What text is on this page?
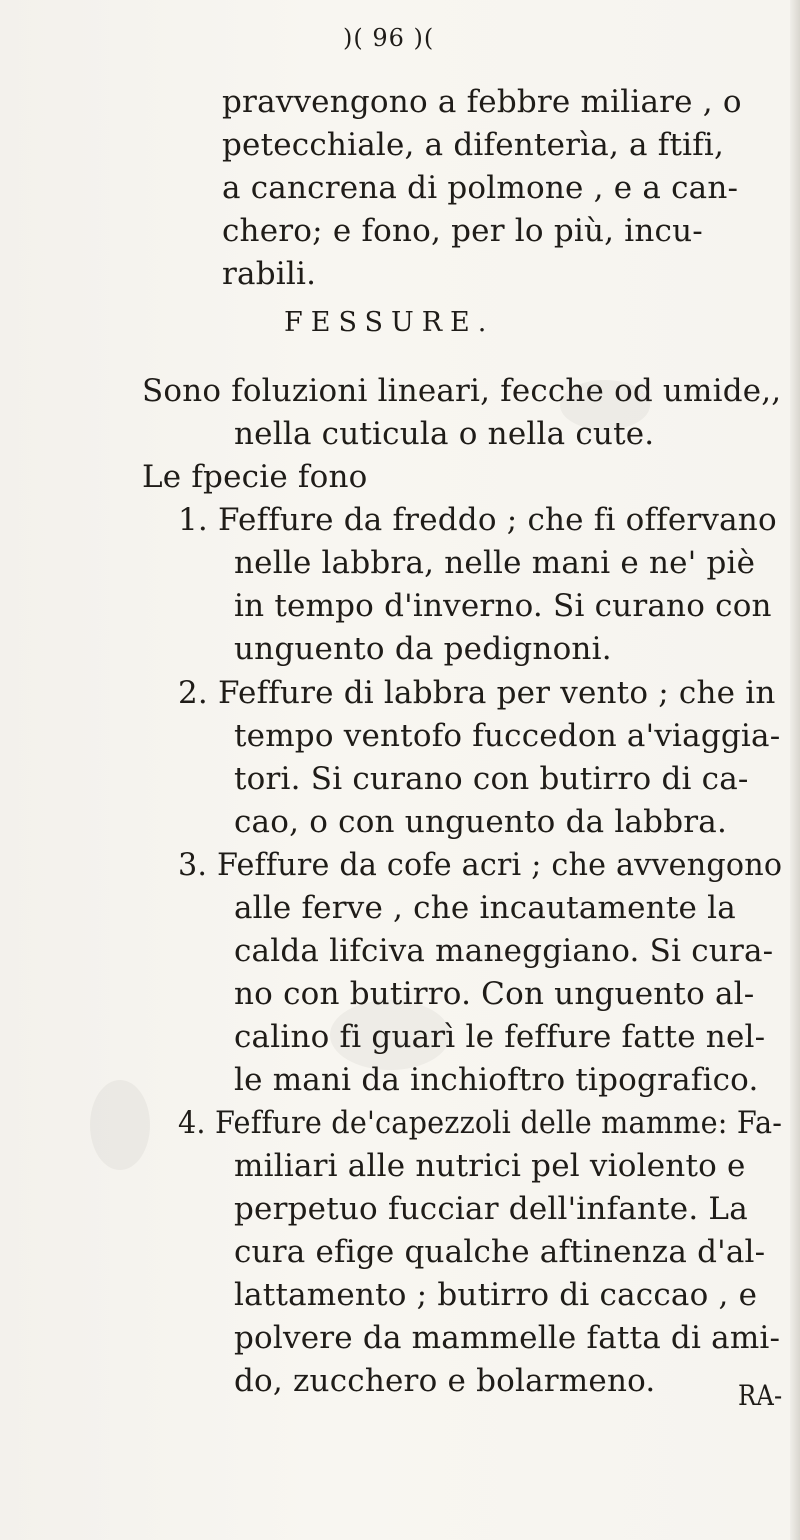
)( 96 )(
pravvengono a febbre miliare , o
petecchiale, a difenterìa, a ftifi,
a cancrena di polmone , e a can-
chero; e fono, per lo più, incu-
rabili.
FESSURE.
Sono foluzioni lineari, fecche od umide,,
nella cuticula o nella cute.
Le fpecie fono
1. Feffure da freddo ; che fi offervano
nelle labbra, nelle mani e ne' piè
in tempo d'inverno. Si curano con
unguento da pedignoni.
2. Feffure di labbra per vento ; che in
tempo ventofo fuccedon a'viaggia-
tori. Si curano con butirro di ca-
cao, o con unguento da labbra.
3. Feffure da cofe acri ; che avvengono
alle ferve , che incautamente la
calda lifciva maneggiano. Si cura-
no con butirro. Con unguento al-
calino fi guarì le feffure fatte nel-
le mani da inchioftro tipografico.
4. Feffure de'capezzoli delle mamme: Fa-
miliari alle nutrici pel violento e
perpetuo fucciar dell'infante. La
cura efige qualche aftinenza d'al-
lattamento ; butirro di caccao , e
polvere da mammelle fatta di ami-
do, zucchero e bolarmeno.	RA-
